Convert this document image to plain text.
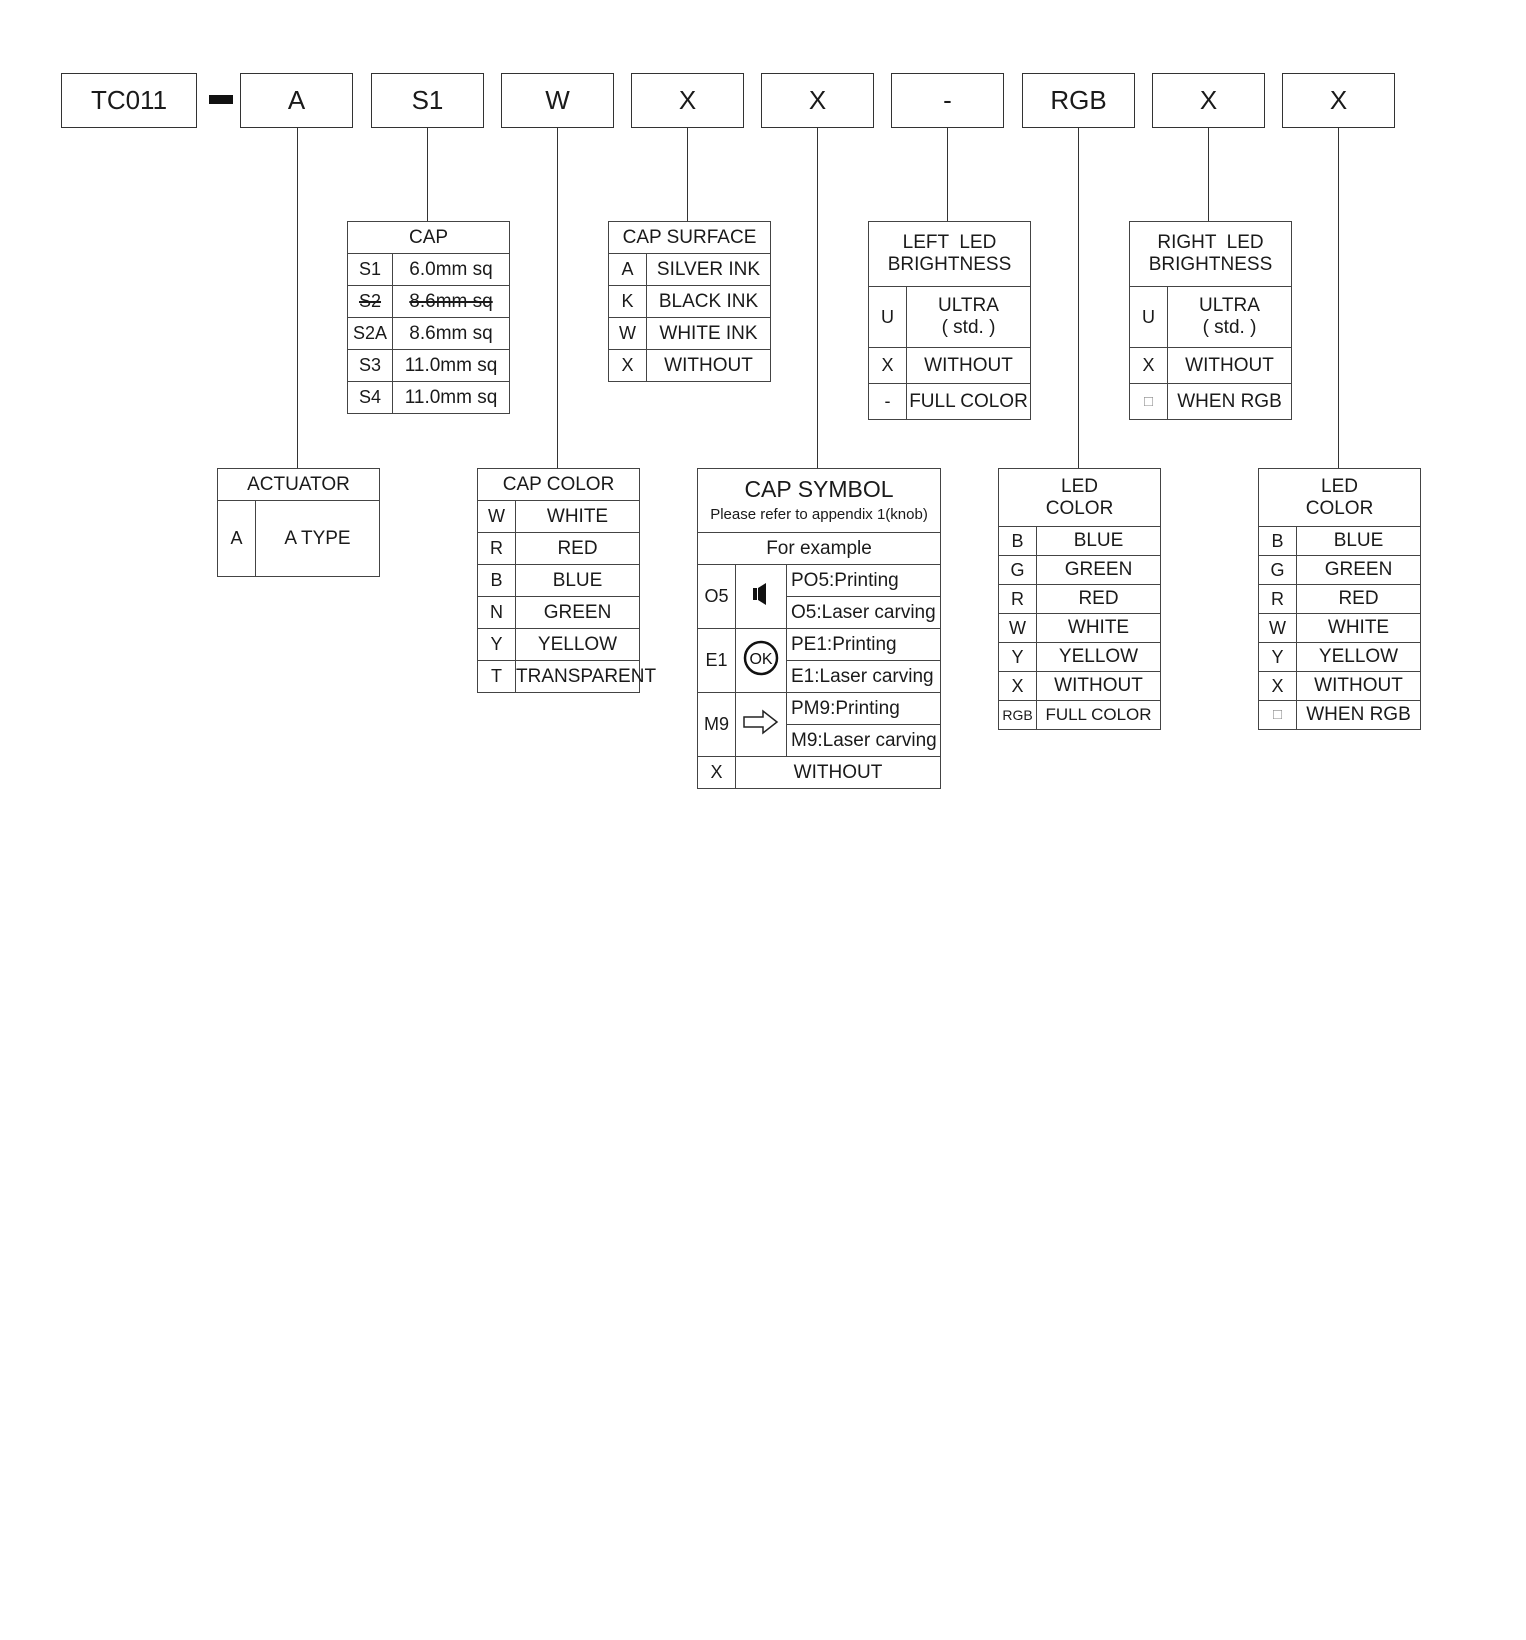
TC011	A	S1	W	X	X	-	RGB	X	X
CAP	
S1	6.0mm sq
S2	8.6mm sq
S2A	8.6mm sq
S3	11.0mm sq
S4	11.0mm sq
CAP SURFACE	
A	SILVER INK
K	BLACK INK
W	WHITE INK
X	WITHOUT
LEFT  LED
BRIGHTNESS	
U	ULTRA
( std. )
X	WITHOUT
-	FULL COLOR
RIGHT  LED
BRIGHTNESS	
U	ULTRA
( std. )
X	WITHOUT
□	WHEN RGB
ACTUATOR
A	A TYPE
CAP COLOR	
W	WHITE
R	RED
B	BLUE
N	GREEN
Y	YELLOW
T	TRANSPARENT
CAP SYMBOL
Please refer to appendix 1(knob)		
For example		
O5		PO5:Printing
		O5:Laser carving
E1	OK	PE1:Printing
		E1:Laser carving
M9		PM9:Printing
		M9:Laser carving
X	WITHOUT	
LED
COLOR	
B	BLUE
G	GREEN
R	RED
W	WHITE
Y	YELLOW
X	WITHOUT
RGB	FULL COLOR
LED
COLOR	
B	BLUE
G	GREEN
R	RED
W	WHITE
Y	YELLOW
X	WITHOUT
□	WHEN RGB
